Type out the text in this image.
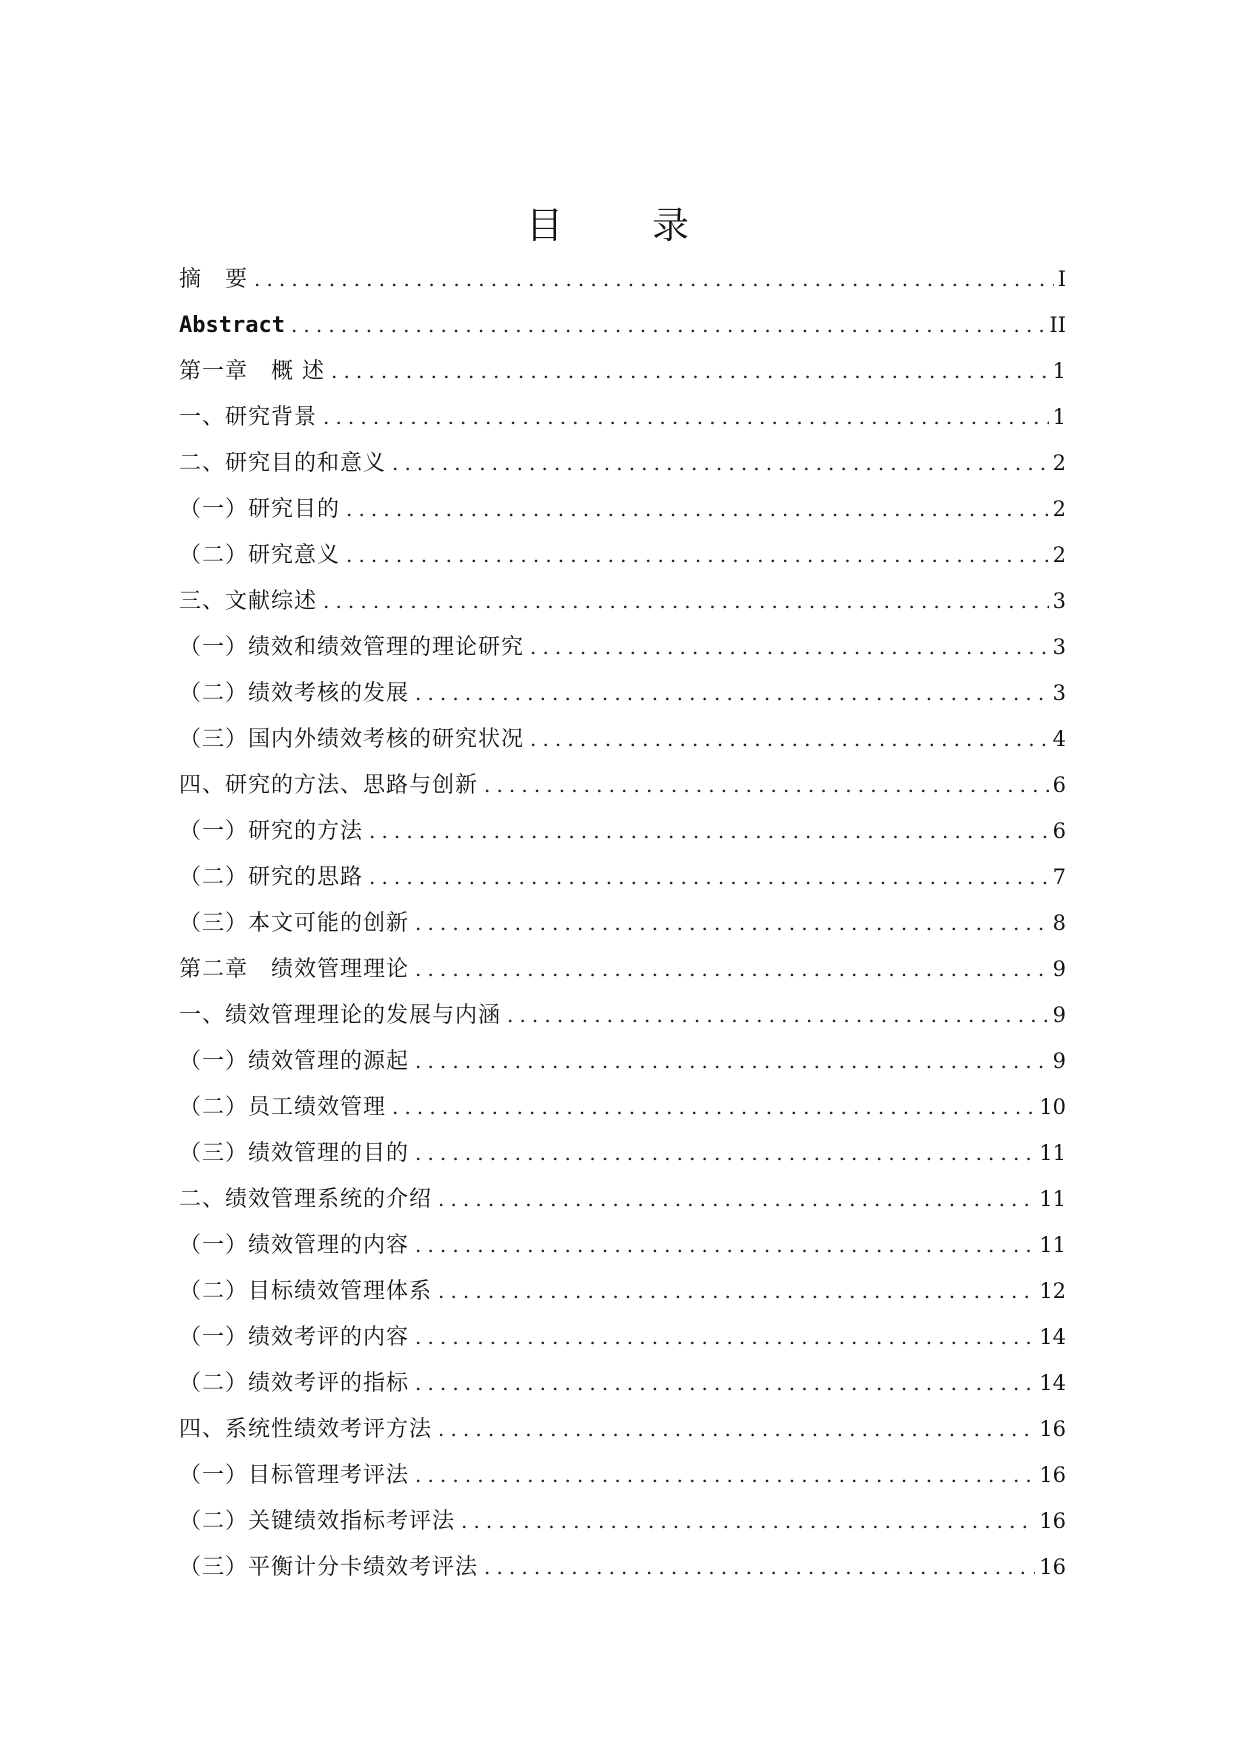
目　录
摘　要 .....	I
Abstract .....	II
第一章　概 述 .....	1
一、研究背景 .....	1
二、研究目的和意义 .....	2
（一）研究目的 .....	2
（二）研究意义 .....	2
三、文献综述 .....	3
（一）绩效和绩效管理的理论研究 .....	3
（二）绩效考核的发展 .....	3
（三）国内外绩效考核的研究状况 .....	4
四、研究的方法、思路与创新 .....	6
（一）研究的方法 .....	6
（二）研究的思路 .....	7
（三）本文可能的创新 .....	8
第二章　绩效管理理论 .....	9
一、绩效管理理论的发展与内涵 .....	9
（一）绩效管理的源起 .....	9
（二）员工绩效管理 .....	10
（三）绩效管理的目的 .....	11
二、绩效管理系统的介绍 .....	11
（一）绩效管理的内容 .....	11
（二）目标绩效管理体系 .....	12
（一）绩效考评的内容 .....	14
（二）绩效考评的指标 .....	14
四、系统性绩效考评方法 .....	16
（一）目标管理考评法 .....	16
（二）关键绩效指标考评法 .....	16
（三）平衡计分卡绩效考评法 .....	16
